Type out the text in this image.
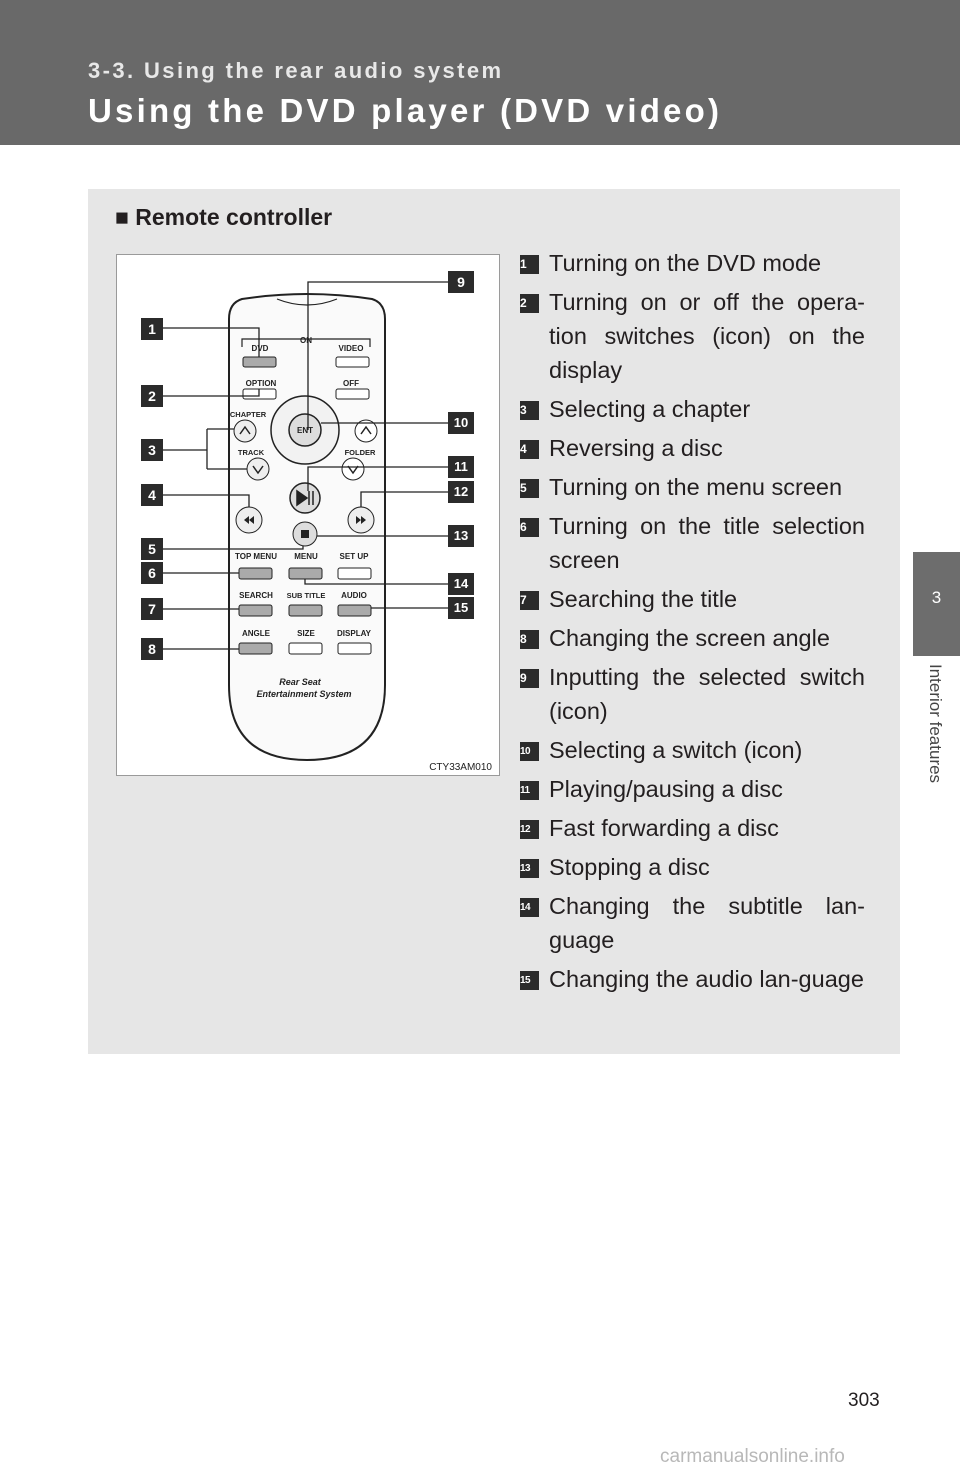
3-3. Using the rear audio system
Using the DVD player (DVD video)
3
Interior features
■ Remote controller
ON
DVD	VIDEO
OPTION	OFF
ENT
CHAPTER
TRACK	FOLDER
TOP MENU MENU	SET UP
SEARCH SUB TITLE AUDIO
ANGLE	SIZE	DISPLAY
Rear Seat
Entertainment System
CTY33AM010
1
2
3
4
5
6
7
8
9
10
11
12
13
14
15
1 Turning on the DVD mode
2 Turning on or off the opera-tion switches (icon) on the display
3 Selecting a chapter
4 Reversing a disc
5 Turning on the menu screen
6 Turning on the title selection screen
7 Searching the title
8 Changing the screen angle
9 Inputting the selected switch (icon)
10 Selecting a switch (icon)
11 Playing/pausing a disc
12 Fast forwarding a disc
13 Stopping a disc
14 Changing the subtitle lan-guage
15 Changing the audio lan-guage
303
carmanualsonline.info
